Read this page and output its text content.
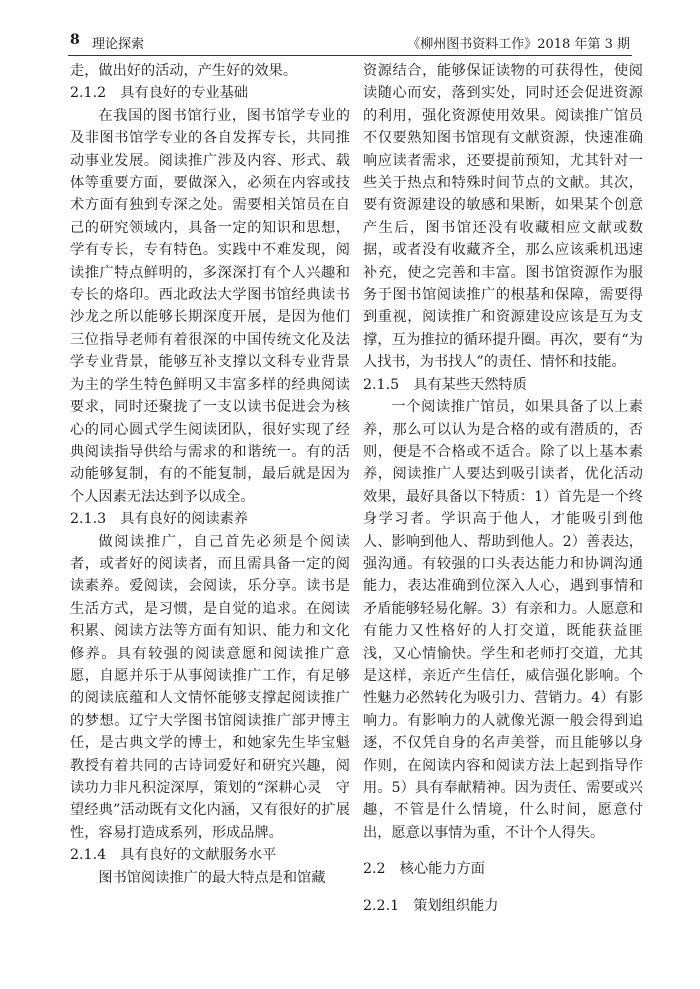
8 理论探索	《柳州图书资料工作》2018 年第 3 期

走，做出好的活动，产生好的效果。

2.1.2　具有良好的专业基础

在我国的图书馆行业，图书馆学专业的及非图书馆学专业的各自发挥专长，共同推动事业发展。阅读推广涉及内容、形式、载体等重要方面，要做深入，必须在内容或技术方面有独到专深之处。需要相关馆员在自己的研究领域内，具备一定的知识和思想，学有专长，专有特色。实践中不难发现，阅读推广特点鲜明的，多深深打有个人兴趣和专长的烙印。西北政法大学图书馆经典读书沙龙之所以能够长期深度开展，是因为他们三位指导老师有着很深的中国传统文化及法学专业背景，能够互补支撑以文科专业背景为主的学生特色鲜明又丰富多样的经典阅读要求，同时还聚拢了一支以读书促进会为核心的同心圆式学生阅读团队，很好实现了经典阅读指导供给与需求的和谐统一。有的活动能够复制，有的不能复制，最后就是因为个人因素无法达到予以成全。

2.1.3　具有良好的阅读素养

做阅读推广，自己首先必须是个阅读者，或者好的阅读者，而且需具备一定的阅读素养。爱阅读，会阅读，乐分享。读书是生活方式，是习惯，是自觉的追求。在阅读积累、阅读方法等方面有知识、能力和文化修养。具有较强的阅读意愿和阅读推广意愿，自愿并乐于从事阅读推广工作，有足够的阅读底蕴和人文情怀能够支撑起阅读推广的梦想。辽宁大学图书馆阅读推广部尹博主任，是古典文学的博士，和她家先生毕宝魁教授有着共同的古诗词爱好和研究兴趣，阅读功力非凡积淀深厚，策划的“深耕心灵　守望经典”活动既有文化内涵，又有很好的扩展性，容易打造成系列，形成品牌。

2.1.4　具有良好的文献服务水平

图书馆阅读推广的最大特点是和馆藏

资源结合，能够保证读物的可获得性，使阅读随心而安，落到实处，同时还会促进资源的利用，强化资源使用效果。阅读推广馆员不仅要熟知图书馆现有文献资源，快速准确响应读者需求，还要提前预知，尤其针对一些关于热点和特殊时间节点的文献。其次，要有资源建设的敏感和果断，如果某个创意产生后，图书馆还没有收藏相应文献或数据，或者没有收藏齐全，那么应该乘机迅速补充，使之完善和丰富。图书馆资源作为服务于图书馆阅读推广的根基和保障，需要得到重视，阅读推广和资源建设应该是互为支撑，互为推拉的循环提升圈。再次，要有“为人找书，为书找人”的责任、情怀和技能。

2.1.5　具有某些天然特质

一个阅读推广馆员，如果具备了以上素养，那么可以认为是合格的或有潜质的，否则，便是不合格或不适合。除了以上基本素养，阅读推广人要达到吸引读者，优化活动效果，最好具备以下特质：1）首先是一个终身学习者。学识高于他人，才能吸引到他人、影响到他人、帮助到他人。2）善表达，强沟通。有较强的口头表达能力和协调沟通能力，表达准确到位深入人心，遇到事情和矛盾能够轻易化解。3）有亲和力。人愿意和有能力又性格好的人打交道，既能获益匪浅，又心情愉快。学生和老师打交道，尤其是这样，亲近产生信任，威信强化影响。个性魅力必然转化为吸引力、营销力。4）有影响力。有影响力的人就像光源一般会得到追逐，不仅凭自身的名声美誉，而且能够以身作则，在阅读内容和阅读方法上起到指导作用。5）具有奉献精神。因为责任、需要或兴趣，不管是什么情境，什么时间，愿意付出，愿意以事情为重，不计个人得失。

2.2　核心能力方面

2.2.1　策划组织能力
